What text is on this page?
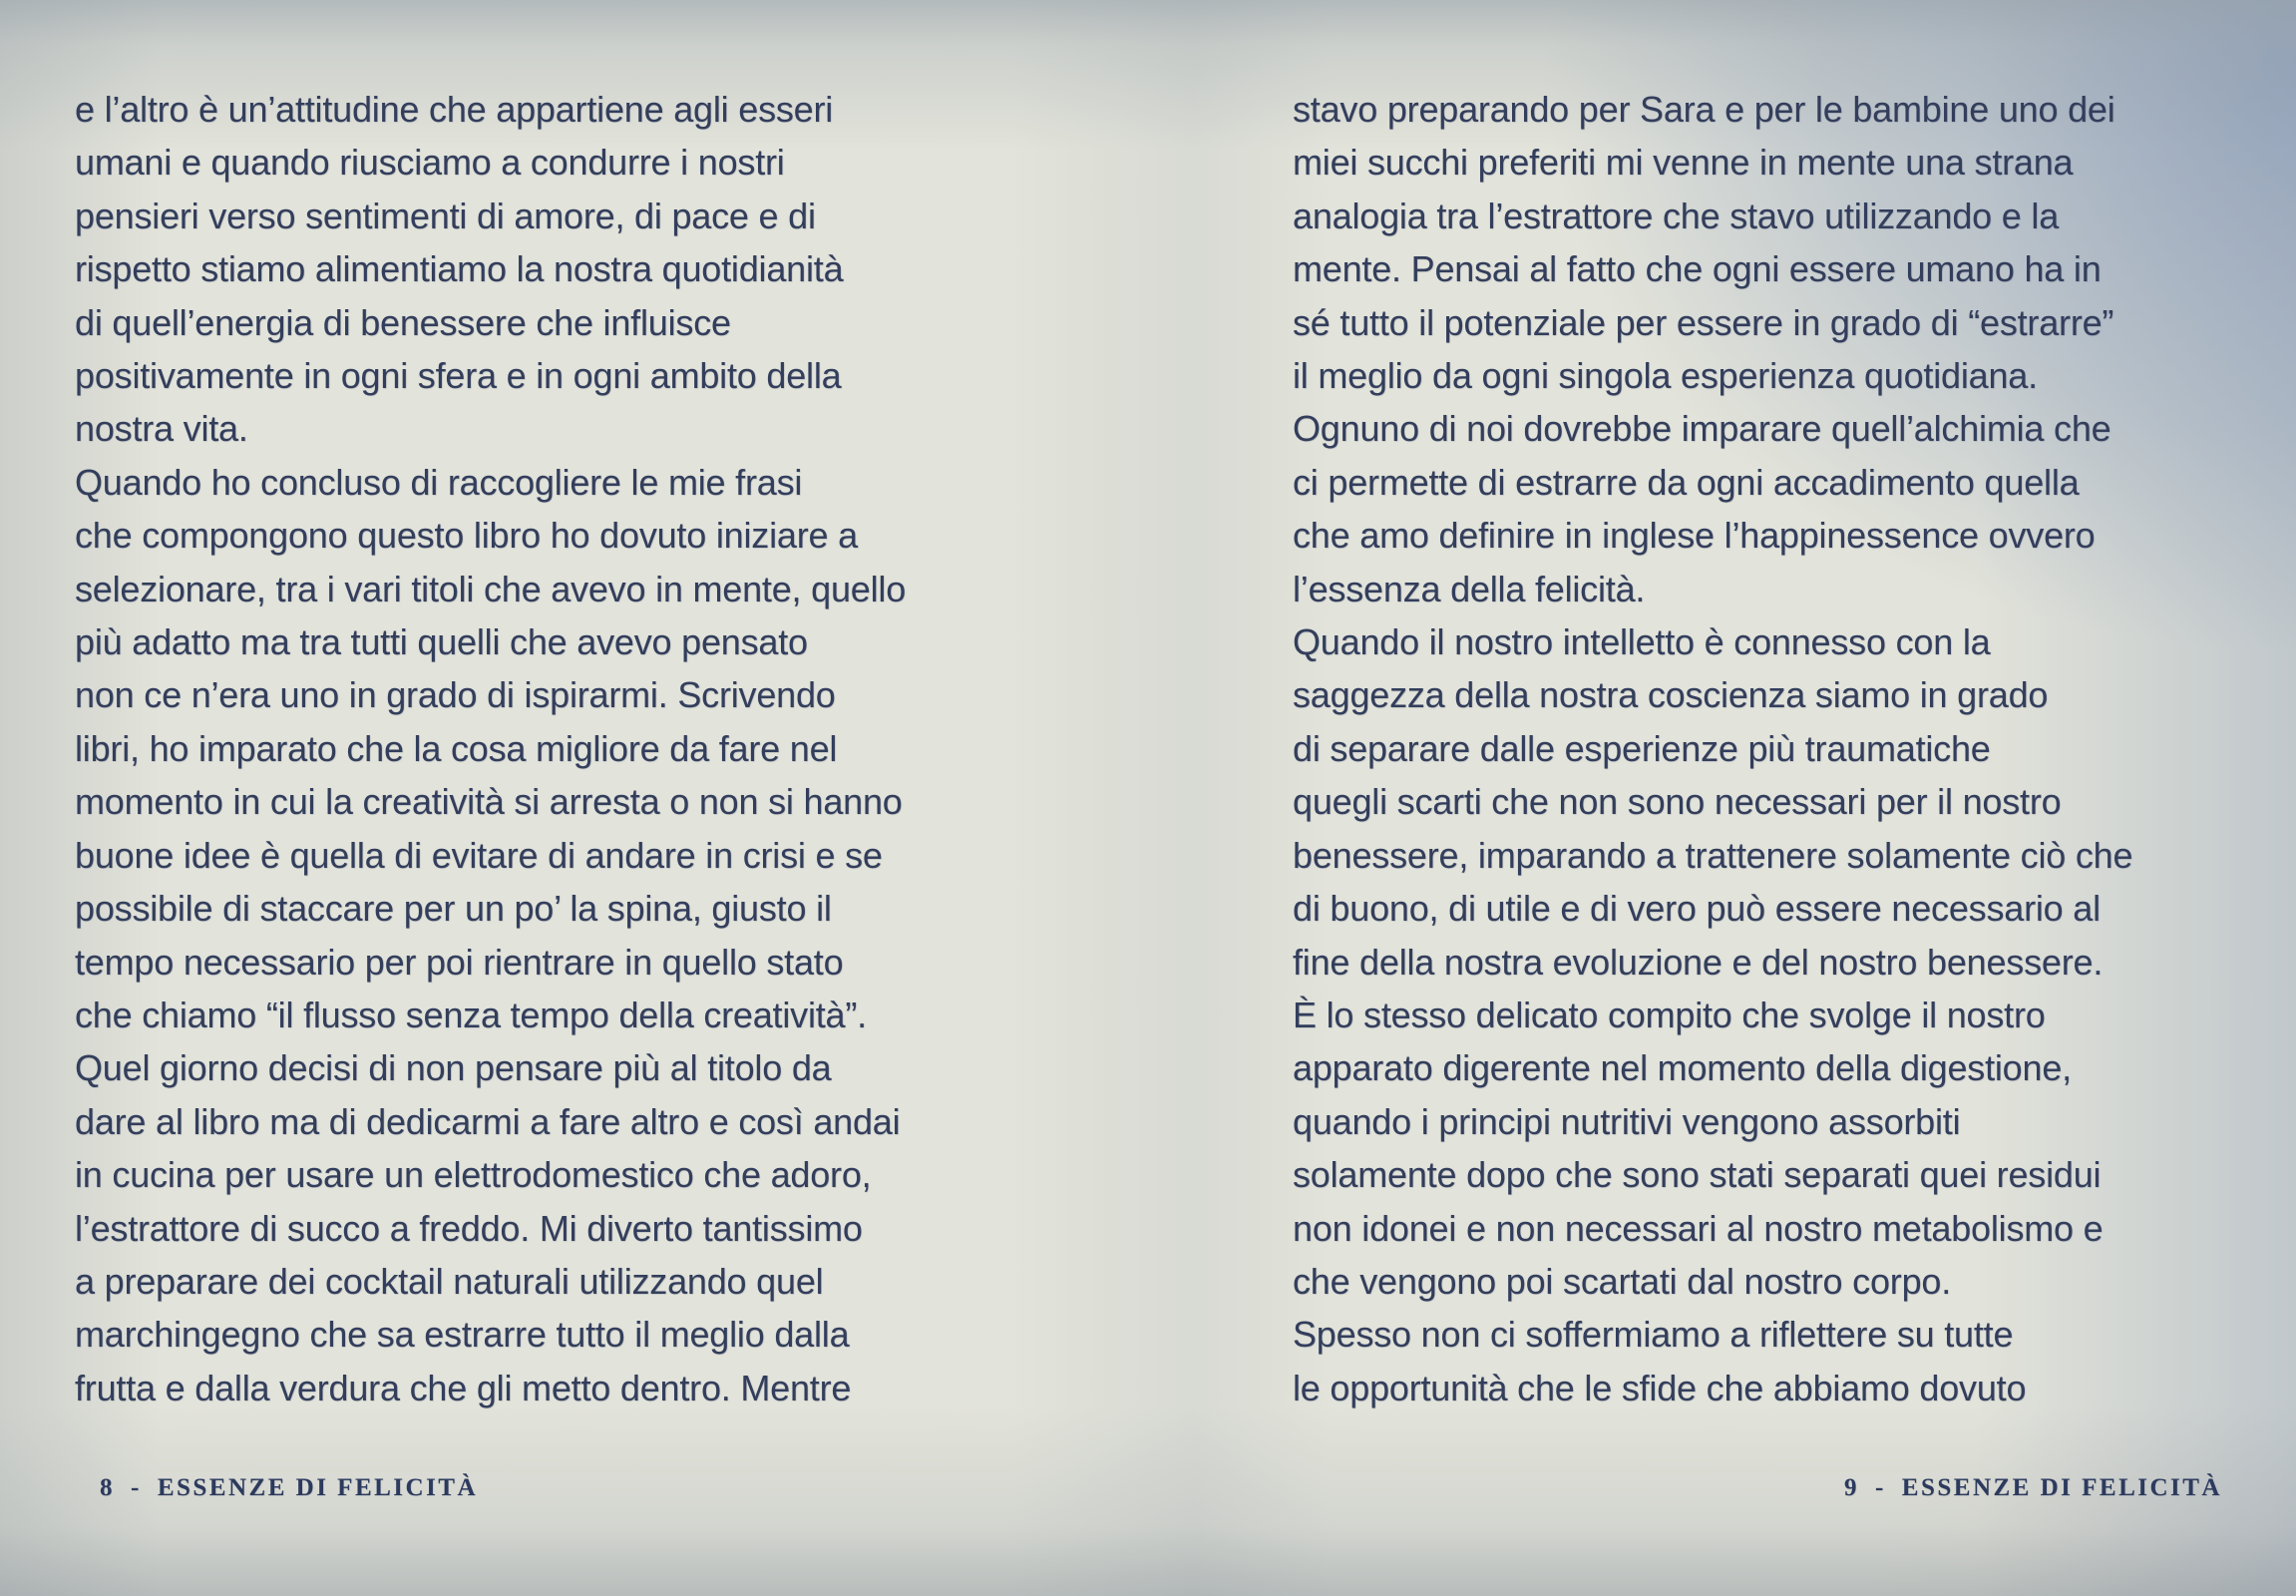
e l’altro è un’attitudine che appartiene agli esseri
umani e quando riusciamo a condurre i nostri
pensieri verso sentimenti di amore, di pace e di
rispetto stiamo alimentiamo la nostra quotidianità
di quell’energia di benessere che influisce
positivamente in ogni sfera e in ogni ambito della
nostra vita.
Quando ho concluso di raccogliere le mie frasi
che compongono questo libro ho dovuto iniziare a
selezionare, tra i vari titoli che avevo in mente, quello
più adatto ma tra tutti quelli che avevo pensato
non ce n’era uno in grado di ispirarmi. Scrivendo
libri, ho imparato che la cosa migliore da fare nel
momento in cui la creatività si arresta o non si hanno
buone idee è quella di evitare di andare in crisi e se
possibile di staccare per un po’ la spina, giusto il
tempo necessario per poi rientrare in quello stato
che chiamo “il flusso senza tempo della creatività”.
Quel giorno decisi di non pensare più al titolo da
dare al libro ma di dedicarmi a fare altro e così andai
in cucina per usare un elettrodomestico che adoro,
l’estrattore di succo a freddo. Mi diverto tantissimo
a preparare dei cocktail naturali utilizzando quel
marchingegno che sa estrarre tutto il meglio dalla
frutta e dalla verdura che gli metto dentro. Mentre
stavo preparando per Sara e per le bambine uno dei
miei succhi preferiti mi venne in mente una strana
analogia tra l’estrattore che stavo utilizzando e la
mente. Pensai al fatto che ogni essere umano ha in
sé tutto il potenziale per essere in grado di “estrarre”
il meglio da ogni singola esperienza quotidiana.
Ognuno di noi dovrebbe imparare quell’alchimia che
ci permette di estrarre da ogni accadimento quella
che amo definire in inglese l’happinessence ovvero
l’essenza della felicità.
Quando il nostro intelletto è connesso con la
saggezza della nostra coscienza siamo in grado
di separare dalle esperienze più traumatiche
quegli scarti che non sono necessari per il nostro
benessere, imparando a trattenere solamente ciò che
di buono, di utile e di vero può essere necessario al
fine della nostra evoluzione e del nostro benessere.
È lo stesso delicato compito che svolge il nostro
apparato digerente nel momento della digestione,
quando i principi nutritivi vengono assorbiti
solamente dopo che sono stati separati quei residui
non idonei e non necessari al nostro metabolismo e
che vengono poi scartati dal nostro corpo.
Spesso non ci soffermiamo a riflettere su tutte
le opportunità che le sfide che abbiamo dovuto
8 - ESSENZE DI FELICITÀ	9 - ESSENZE DI FELICITÀ
